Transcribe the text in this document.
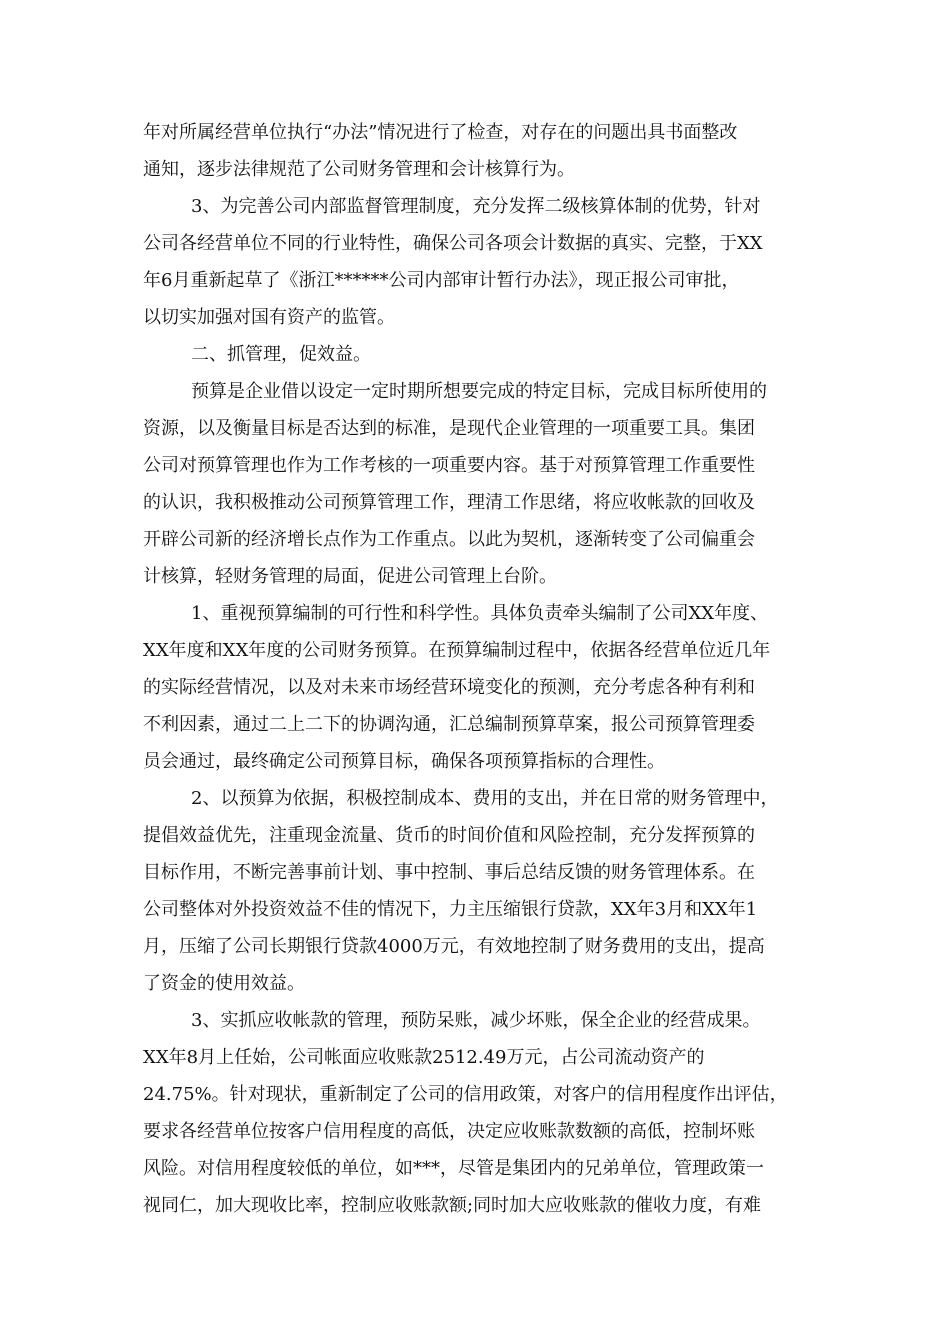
年对所属经营单位执行“办法”情况进行了检查，对存在的问题出具书面整改
通知，逐步法律规范了公司财务管理和会计核算行为。
3、为完善公司内部监督管理制度，充分发挥二级核算体制的优势，针对
公司各经营单位不同的行业特性，确保公司各项会计数据的真实、完整，于XX
年6月重新起草了《浙江******公司内部审计暂行办法》，现正报公司审批，
以切实加强对国有资产的监管。
二、抓管理，促效益。
预算是企业借以设定一定时期所想要完成的特定目标，完成目标所使用的
资源，以及衡量目标是否达到的标准，是现代企业管理的一项重要工具。集团
公司对预算管理也作为工作考核的一项重要内容。基于对预算管理工作重要性
的认识，我积极推动公司预算管理工作，理清工作思绪，将应收帐款的回收及
开辟公司新的经济增长点作为工作重点。以此为契机，逐渐转变了公司偏重会
计核算，轻财务管理的局面，促进公司管理上台阶。
1、重视预算编制的可行性和科学性。具体负责牵头编制了公司XX年度、
XX年度和XX年度的公司财务预算。在预算编制过程中，依据各经营单位近几年
的实际经营情况，以及对未来市场经营环境变化的预测，充分考虑各种有利和
不利因素，通过二上二下的协调沟通，汇总编制预算草案，报公司预算管理委
员会通过，最终确定公司预算目标，确保各项预算指标的合理性。
2、以预算为依据，积极控制成本、费用的支出，并在日常的财务管理中，
提倡效益优先，注重现金流量、货币的时间价值和风险控制，充分发挥预算的
目标作用，不断完善事前计划、事中控制、事后总结反馈的财务管理体系。在
公司整体对外投资效益不佳的情况下，力主压缩银行贷款，XX年3月和XX年1
月，压缩了公司长期银行贷款4000万元，有效地控制了财务费用的支出，提高
了资金的使用效益。
3、实抓应收帐款的管理，预防呆账，减少坏账，保全企业的经营成果。
XX年8月上任始，公司帐面应收账款2512.49万元，占公司流动资产的
24.75%。针对现状，重新制定了公司的信用政策，对客户的信用程度作出评估，
要求各经营单位按客户信用程度的高低，决定应收账款数额的高低，控制坏账
风险。对信用程度较低的单位，如***，尽管是集团内的兄弟单位，管理政策一
视同仁，加大现收比率，控制应收账款额;同时加大应收账款的催收力度，有难
